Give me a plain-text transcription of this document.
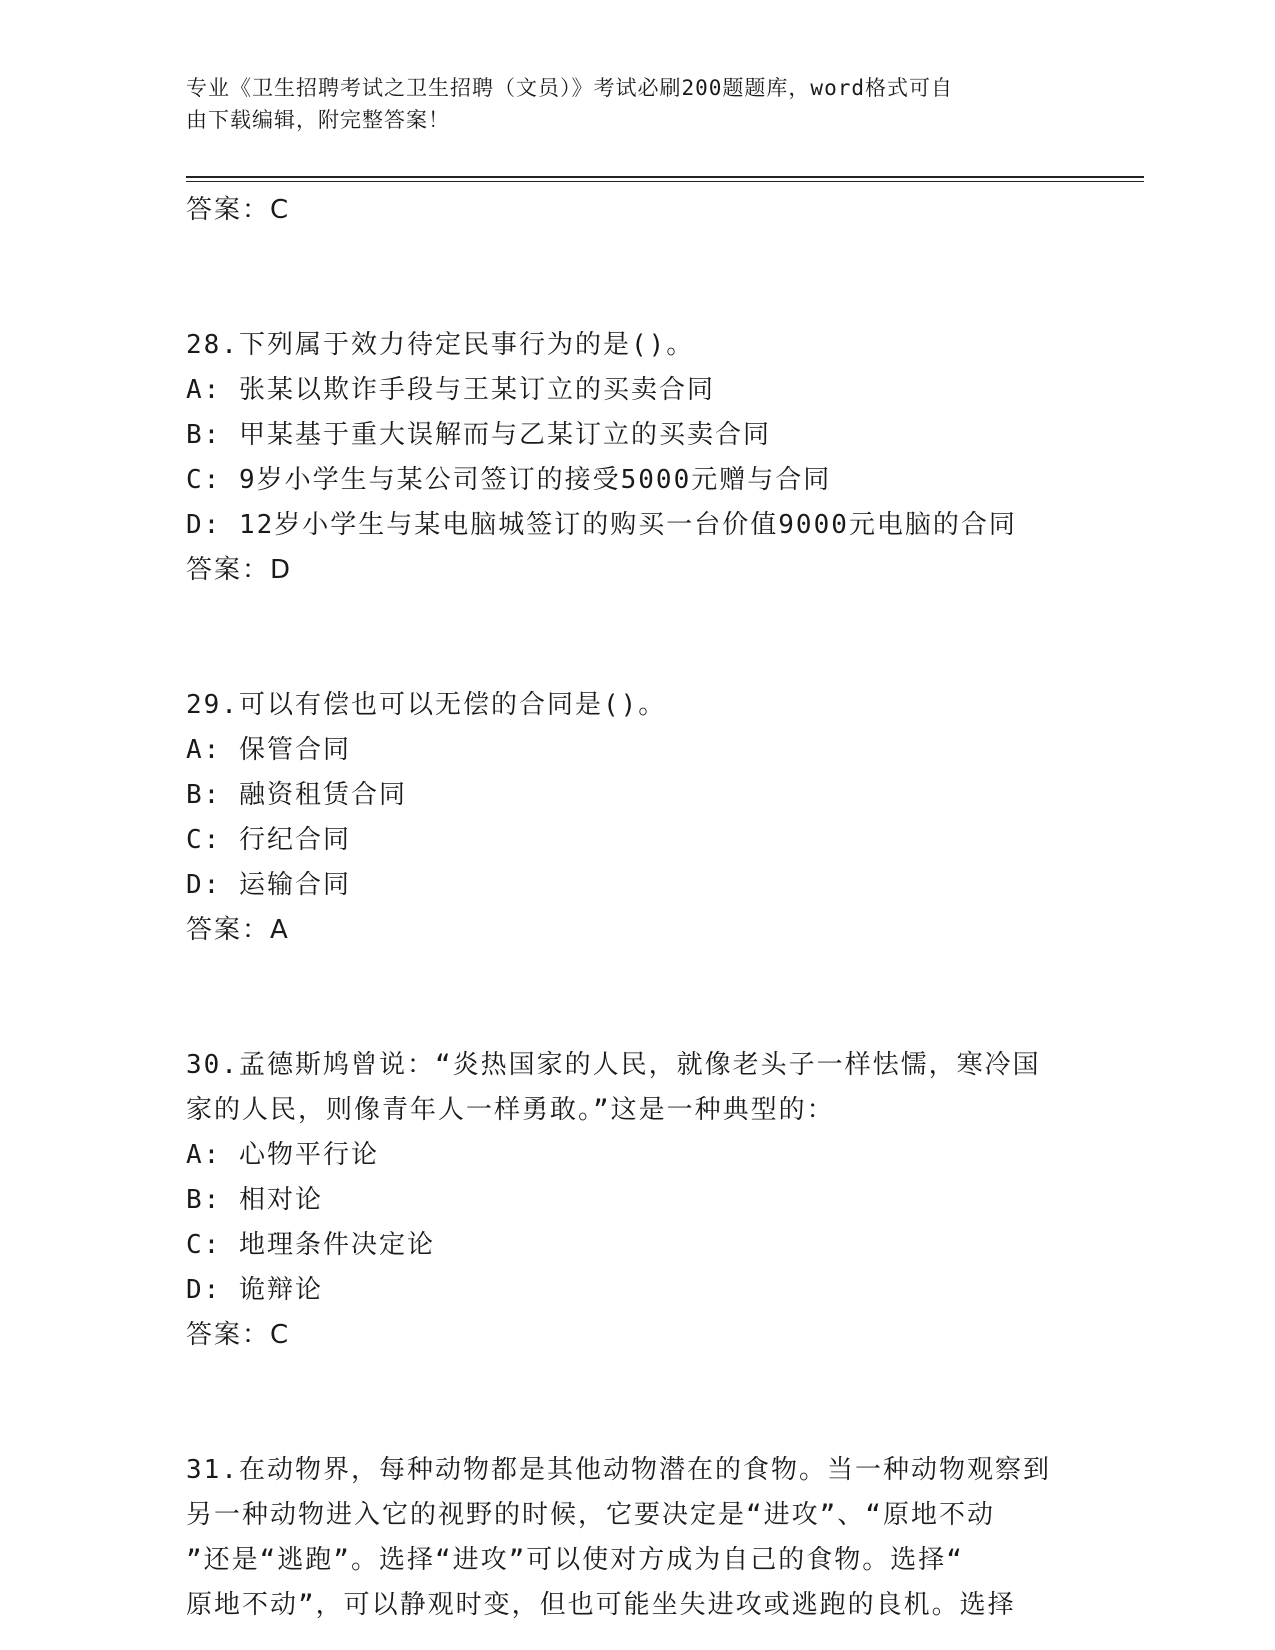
专业《卫生招聘考试之卫生招聘（文员）》考试必刷200题题库，word格式可自
由下载编辑，附完整答案！
答案：C
28.下列属于效力待定民事行为的是()。
A: 张某以欺诈手段与王某订立的买卖合同
B: 甲某基于重大误解而与乙某订立的买卖合同
C: 9岁小学生与某公司签订的接受5000元赠与合同
D: 12岁小学生与某电脑城签订的购买一台价值9000元电脑的合同
答案：D
29.可以有偿也可以无偿的合同是()。
A: 保管合同
B: 融资租赁合同
C: 行纪合同
D: 运输合同
答案：A
30.孟德斯鸠曾说：“炎热国家的人民，就像老头子一样怯懦，寒冷国
家的人民，则像青年人一样勇敢。”这是一种典型的：
A: 心物平行论
B: 相对论
C: 地理条件决定论
D: 诡辩论
答案：C
31.在动物界，每种动物都是其他动物潜在的食物。当一种动物观察到
另一种动物进入它的视野的时候，它要决定是“进攻”、“原地不动
”还是“逃跑”。选择“进攻”可以使对方成为自己的食物。选择“
原地不动”，可以静观时变，但也可能坐失进攻或逃跑的良机。选择
